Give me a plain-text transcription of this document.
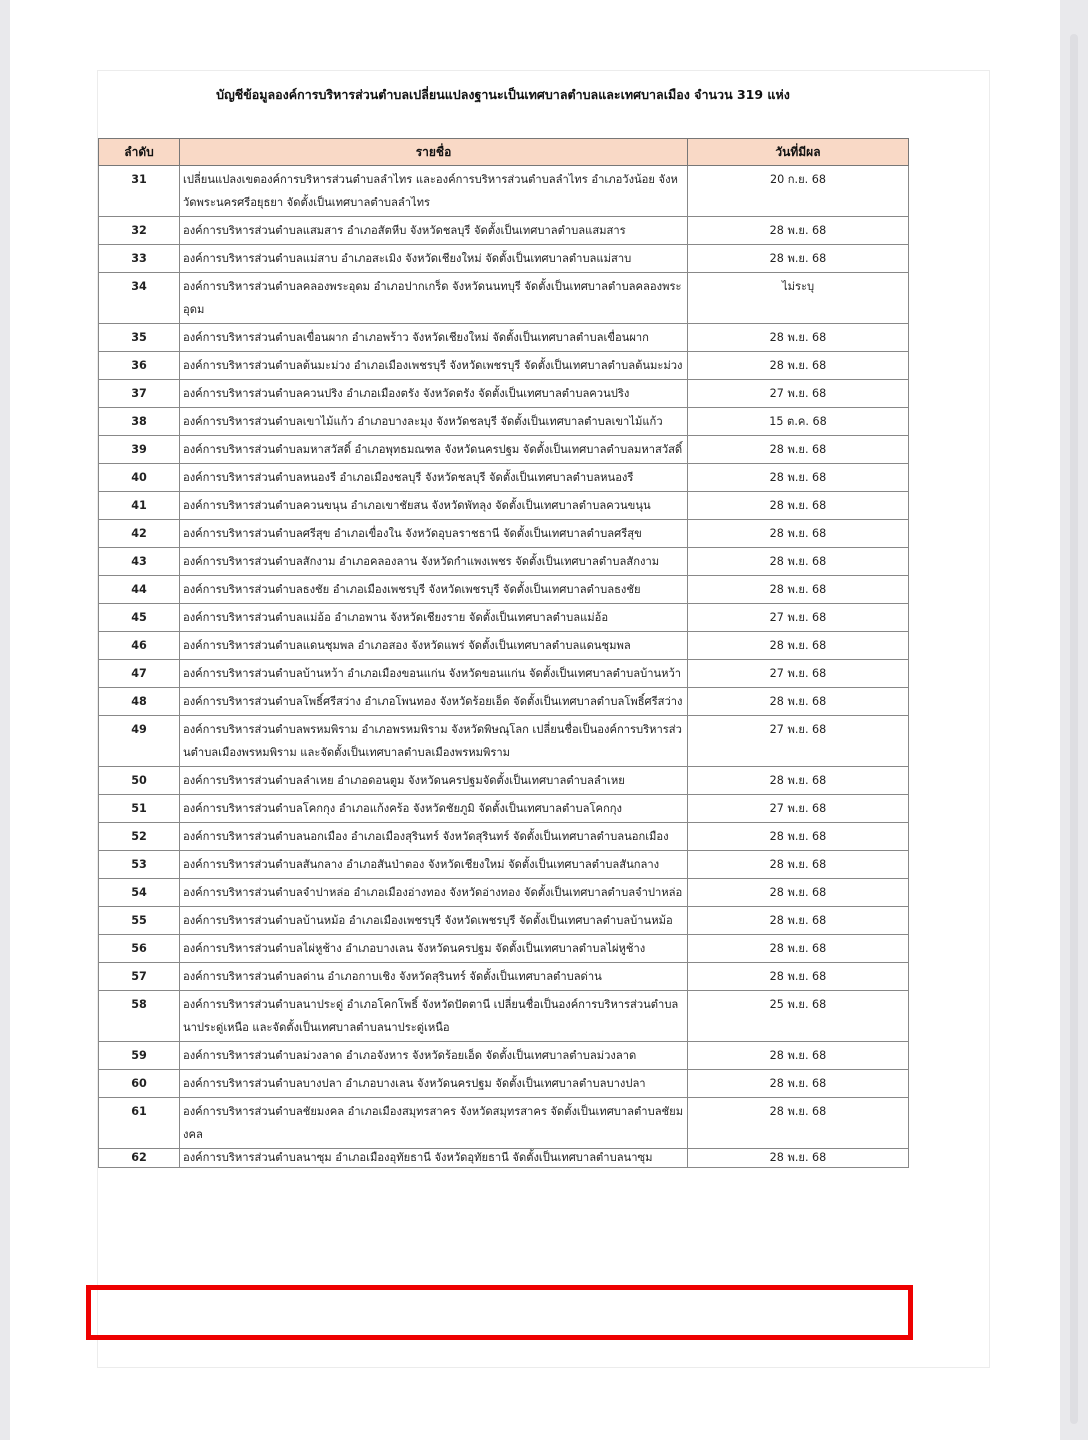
บัญชีข้อมูลองค์การบริหารส่วนตำบลเปลี่ยนแปลงฐานะเป็นเทศบาลตำบลและเทศบาลเมือง จำนวน 319 แห่ง
ลำดับ	รายชื่อ	วันที่มีผล
31	เปลี่ยนแปลงเขตองค์การบริหารส่วนตำบลลำไทร และองค์การบริหารส่วนตำบลลำไทร อำเภอวังน้อย จังหวัดพระนครศรีอยุธยา จัดตั้งเป็นเทศบาลตำบลลำไทร	20 ก.ย. 68
32	องค์การบริหารส่วนตำบลแสมสาร อำเภอสัตหีบ จังหวัดชลบุรี จัดตั้งเป็นเทศบาลตำบลแสมสาร	28 พ.ย. 68
33	องค์การบริหารส่วนตำบลแม่สาบ อำเภอสะเมิง จังหวัดเชียงใหม่ จัดตั้งเป็นเทศบาลตำบลแม่สาบ	28 พ.ย. 68
34	องค์การบริหารส่วนตำบลคลองพระอุดม อำเภอปากเกร็ด จังหวัดนนทบุรี จัดตั้งเป็นเทศบาลตำบลคลองพระอุดม	ไม่ระบุ
35	องค์การบริหารส่วนตำบลเขื่อนผาก อำเภอพร้าว จังหวัดเชียงใหม่ จัดตั้งเป็นเทศบาลตำบลเขื่อนผาก	28 พ.ย. 68
36	องค์การบริหารส่วนตำบลต้นมะม่วง อำเภอเมืองเพชรบุรี จังหวัดเพชรบุรี จัดตั้งเป็นเทศบาลตำบลต้นมะม่วง	28 พ.ย. 68
37	องค์การบริหารส่วนตำบลควนปริง อำเภอเมืองตรัง จังหวัดตรัง จัดตั้งเป็นเทศบาลตำบลควนปริง	27 พ.ย. 68
38	องค์การบริหารส่วนตำบลเขาไม้แก้ว อำเภอบางละมุง จังหวัดชลบุรี จัดตั้งเป็นเทศบาลตำบลเขาไม้แก้ว	15 ต.ค. 68
39	องค์การบริหารส่วนตำบลมหาสวัสดิ์ อำเภอพุทธมณฑล จังหวัดนครปฐม จัดตั้งเป็นเทศบาลตำบลมหาสวัสดิ์	28 พ.ย. 68
40	องค์การบริหารส่วนตำบลหนองรี อำเภอเมืองชลบุรี จังหวัดชลบุรี จัดตั้งเป็นเทศบาลตำบลหนองรี	28 พ.ย. 68
41	องค์การบริหารส่วนตำบลควนขนุน อำเภอเขาชัยสน จังหวัดพัทลุง จัดตั้งเป็นเทศบาลตำบลควนขนุน	28 พ.ย. 68
42	องค์การบริหารส่วนตำบลศรีสุข อำเภอเขื่องใน จังหวัดอุบลราชธานี จัดตั้งเป็นเทศบาลตำบลศรีสุข	28 พ.ย. 68
43	องค์การบริหารส่วนตำบลสักงาม อำเภอคลองลาน จังหวัดกำแพงเพชร จัดตั้งเป็นเทศบาลตำบลสักงาม	28 พ.ย. 68
44	องค์การบริหารส่วนตำบลธงชัย อำเภอเมืองเพชรบุรี จังหวัดเพชรบุรี จัดตั้งเป็นเทศบาลตำบลธงชัย	28 พ.ย. 68
45	องค์การบริหารส่วนตำบลแม่อ้อ อำเภอพาน จังหวัดเชียงราย จัดตั้งเป็นเทศบาลตำบลแม่อ้อ	27 พ.ย. 68
46	องค์การบริหารส่วนตำบลแดนชุมพล อำเภอสอง จังหวัดแพร่ จัดตั้งเป็นเทศบาลตำบลแดนชุมพล	28 พ.ย. 68
47	องค์การบริหารส่วนตำบลบ้านหว้า อำเภอเมืองขอนแก่น จังหวัดขอนแก่น จัดตั้งเป็นเทศบาลตำบลบ้านหว้า	27 พ.ย. 68
48	องค์การบริหารส่วนตำบลโพธิ์ศรีสว่าง อำเภอโพนทอง จังหวัดร้อยเอ็ด จัดตั้งเป็นเทศบาลตำบลโพธิ์ศรีสว่าง	28 พ.ย. 68
49	องค์การบริหารส่วนตำบลพรหมพิราม อำเภอพรหมพิราม จังหวัดพิษณุโลก เปลี่ยนชื่อเป็นองค์การบริหารส่วนตำบลเมืองพรหมพิราม และจัดตั้งเป็นเทศบาลตำบลเมืองพรหมพิราม	27 พ.ย. 68
50	องค์การบริหารส่วนตำบลลำเหย อำเภอดอนตูม จังหวัดนครปฐมจัดตั้งเป็นเทศบาลตำบลลำเหย	28 พ.ย. 68
51	องค์การบริหารส่วนตำบลโคกกุง อำเภอแก้งคร้อ จังหวัดชัยภูมิ จัดตั้งเป็นเทศบาลตำบลโคกกุง	27 พ.ย. 68
52	องค์การบริหารส่วนตำบลนอกเมือง อำเภอเมืองสุรินทร์ จังหวัดสุรินทร์ จัดตั้งเป็นเทศบาลตำบลนอกเมือง	28 พ.ย. 68
53	องค์การบริหารส่วนตำบลสันกลาง อำเภอสันป่าตอง จังหวัดเชียงใหม่ จัดตั้งเป็นเทศบาลตำบลสันกลาง	28 พ.ย. 68
54	องค์การบริหารส่วนตำบลจำปาหล่อ อำเภอเมืองอ่างทอง จังหวัดอ่างทอง จัดตั้งเป็นเทศบาลตำบลจำปาหล่อ	28 พ.ย. 68
55	องค์การบริหารส่วนตำบลบ้านหม้อ อำเภอเมืองเพชรบุรี จังหวัดเพชรบุรี จัดตั้งเป็นเทศบาลตำบลบ้านหม้อ	28 พ.ย. 68
56	องค์การบริหารส่วนตำบลไผ่หูช้าง อำเภอบางเลน จังหวัดนครปฐม จัดตั้งเป็นเทศบาลตำบลไผ่หูช้าง	28 พ.ย. 68
57	องค์การบริหารส่วนตำบลด่าน อำเภอกาบเชิง จังหวัดสุรินทร์ จัดตั้งเป็นเทศบาลตำบลด่าน	28 พ.ย. 68
58	องค์การบริหารส่วนตำบลนาประดู่ อำเภอโคกโพธิ์ จังหวัดปัตตานี เปลี่ยนชื่อเป็นองค์การบริหารส่วนตำบลนาประดู่เหนือ และจัดตั้งเป็นเทศบาลตำบลนาประดู่เหนือ	25 พ.ย. 68
59	องค์การบริหารส่วนตำบลม่วงลาด อำเภอจังหาร จังหวัดร้อยเอ็ด จัดตั้งเป็นเทศบาลตำบลม่วงลาด	28 พ.ย. 68
60	องค์การบริหารส่วนตำบลบางปลา อำเภอบางเลน จังหวัดนครปฐม จัดตั้งเป็นเทศบาลตำบลบางปลา	28 พ.ย. 68
61	องค์การบริหารส่วนตำบลชัยมงคล อำเภอเมืองสมุทรสาคร จังหวัดสมุทรสาคร จัดตั้งเป็นเทศบาลตำบลชัยมงคล	28 พ.ย. 68
62	องค์การบริหารส่วนตำบลนาซุม อำเภอเมืองอุทัยธานี จังหวัดอุทัยธานี จัดตั้งเป็นเทศบาลตำบลนาซุม	28 พ.ย. 68
